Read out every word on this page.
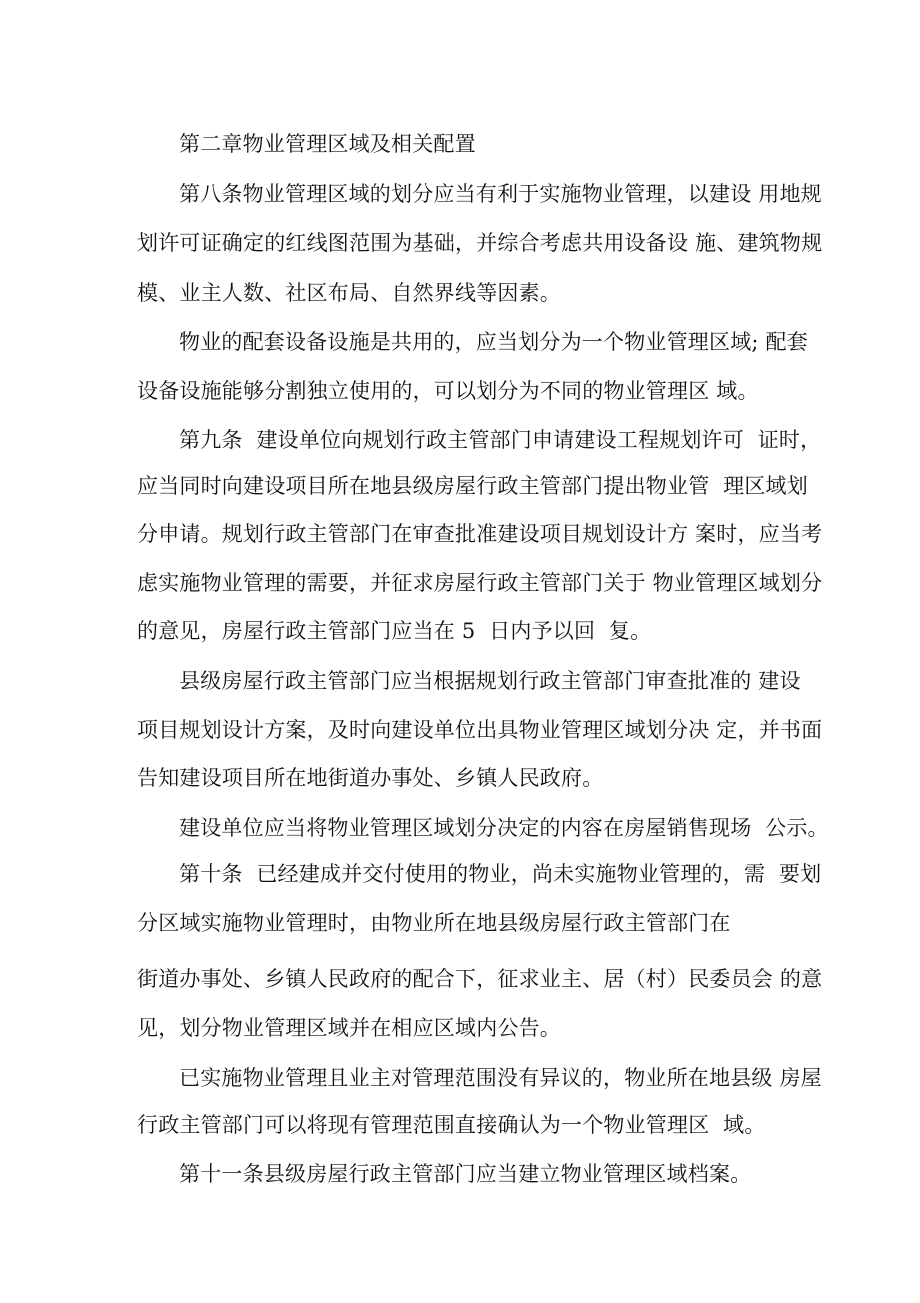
第二章物业管理区域及相关配置
第八条物业管理区域的划分应当有利于实施物业管理，以建设 用地规
划许可证确定的红线图范围为基础，并综合考虑共用设备设 施、建筑物规
模、业主人数、社区布局、自然界线等因素。
物业的配套设备设施是共用的，应当划分为一个物业管理区域; 配套
设备设施能够分割独立使用的，可以划分为不同的物业管理区 域。
第九条  建设单位向规划行政主管部门申请建设工程规划许可  证时，
应当同时向建设项目所在地县级房屋行政主管部门提出物业管  理区域划
分申请。规划行政主管部门在审查批准建设项目规划设计方 案时，应当考
虑实施物业管理的需要，并征求房屋行政主管部门关于 物业管理区域划分
的意见，房屋行政主管部门应当在 5  日内予以回  复。
县级房屋行政主管部门应当根据规划行政主管部门审查批准的 建设
项目规划设计方案，及时向建设单位出具物业管理区域划分决 定，并书面
告知建设项目所在地街道办事处、乡镇人民政府。
建设单位应当将物业管理区域划分决定的内容在房屋销售现场  公示。
第十条  已经建成并交付使用的物业，尚未实施物业管理的，需  要划
分区域实施物业管理时，由物业所在地县级房屋行政主管部门在
街道办事处、乡镇人民政府的配合下，征求业主、居（村）民委员会 的意
见，划分物业管理区域并在相应区域内公告。
已实施物业管理且业主对管理范围没有异议的，物业所在地县级 房屋
行政主管部门可以将现有管理范围直接确认为一个物业管理区  域。
第十一条县级房屋行政主管部门应当建立物业管理区域档案。
